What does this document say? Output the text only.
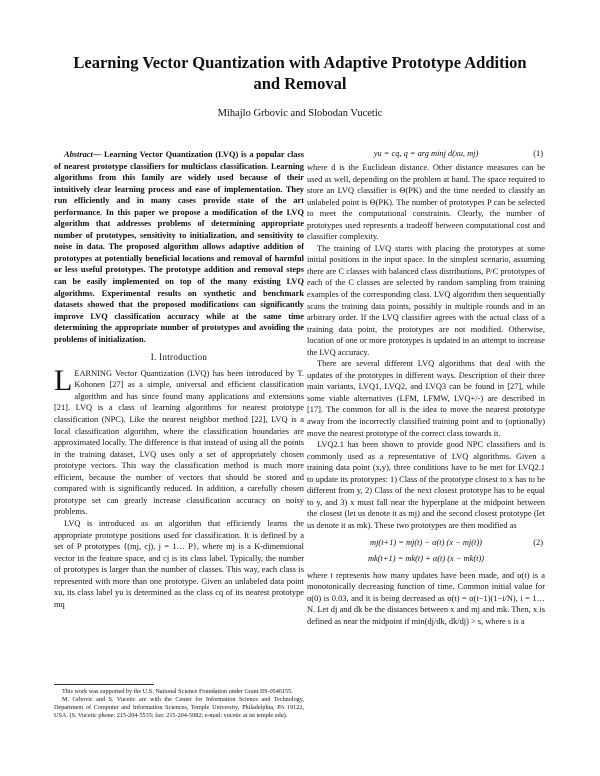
Learning Vector Quantization with Adaptive Prototype Addition and Removal
Mihajlo Grbovic and Slobodan Vucetic

Abstract— Learning Vector Quantization (LVQ) is a popular class of nearest prototype classifiers for multiclass classification. Learning algorithms from this family are widely used because of their intuitively clear learning process and ease of implementation. They run efficiently and in many cases provide state of the art performance. In this paper we propose a modification of the LVQ algorithm that addresses problems of determining appropriate number of prototypes, sensitivity to initialization, and sensitivity to noise in data. The proposed algorithm allows adaptive addition of prototypes at potentially beneficial locations and removal of harmful or less useful prototypes. The prototype addition and removal steps can be easily implemented on top of the many existing LVQ algorithms. Experimental results on synthetic and benchmark datasets showed that the proposed modifications can significantly improve LVQ classification accuracy while at the same time determining the appropriate number of prototypes and avoiding the problems of initialization.

I. Introduction

LEARNING Vector Quantization (LVQ) has been introduced by T. Kohonen [27] as a simple, universal and efficient classification algorithm and has since found many applications and extensions [21]. LVQ is a class of learning algorithms for nearest prototype classification (NPC). Like the nearest neighbor method [22], LVQ is a local classification algorithm, where the classification boundaries are approximated locally. The difference is that instead of using all the points in the training dataset, LVQ uses only a set of appropriately chosen prototype vectors. This way the classification method is much more efficient, because the number of vectors that should be stored and compared with is significantly reduced. In addition, a carefully chosen prototype set can greatly increase classification accuracy on noisy problems.

LVQ is introduced as an algorithm that efficiently learns the appropriate prototype positions used for classification. It is defined by a set of P prototypes {(mj, cj), j = 1… P}, where mj is a K-dimensional vector in the feature space, and cj is its class label. Typically, the number of prototypes is larger than the number of classes. This way, each class is represented with more than one prototype. Given an unlabeled data point xu, its class label yu is determined as the class cq of its nearest prototype mq

This work was supported by the U.S. National Science Foundation under Grant IIS-0546155.

M. Grbovic and S. Vucetic are with the Center for Information Science and Technology, Department of Computer and Information Sciences, Temple University, Philadelphia, PA 19122, USA. (S. Vucetic phone: 215-204-5535; fax: 215-204-5082; e-mail: vucetic at ist temple edu).

yu = cq, q = arg minj d(xu, mj)	(1)

where d is the Euclidean distance. Other distance measures can be used as well, depending on the problem at hand. The space required to store an LVQ classifier is Θ(PK) and the time needed to classify an unlabeled point is Θ(PK). The number of prototypes P can be selected to meet the computational constraints. Clearly, the number of prototypes used represents a tradeoff between computational cost and classifier complexity.

The training of LVQ starts with placing the prototypes at some initial positions in the input space. In the simplest scenario, assuming there are C classes with balanced class distributions, P/C prototypes of each of the C classes are selected by random sampling from training examples of the corresponding class. LVQ algorithm then sequentially scans the training data points, possibly in multiple rounds and in an arbitrary order. If the LVQ classifier agrees with the actual class of a training data point, the prototypes are not modified. Otherwise, location of one or more prototypes is updated in an attempt to increase the LVQ accuracy.

There are several different LVQ algorithms that deal with the updates of the prototypes in different ways. Description of their three main variants, LVQ1, LVQ2, and LVQ3 can be found in [27], while some viable alternatives (LFM, LFMW, LVQ+/-) are described in [17]. The common for all is the idea to move the nearest prototype away from the incorrectly classified training point and to (optionally) move the nearest prototype of the correct class towards it.

LVQ2.1 has been shown to provide good NPC classifiers and is commonly used as a representative of LVQ algorithms. Given a training data point (x,y), three conditions have to be met for LVQ2.1 to update its prototypes: 1) Class of the prototype closest to x has to be different from y, 2) Class of the next closest prototype has to be equal to y, and 3) x must fall near the hyperplane at the midpoint between the closest (let us denote it as mj) and the second closest prototype (let us denote it as mk). These two prototypes are then modified as

mj(t+1) = mj(t) − α(t) (x − mj(t))	(2)
mk(t+1) = mk(t) + α(t) (x − mk(t))

where t represents how many updates have been made, and α(t) is a monotonically decreasing function of time. Common initial value for α(0) is 0.03, and it is being decreased as α(t) = α(t−1)(1−i/N), i = 1… N. Let dj and dk be the distances between x and mj and mk. Then, x is defined as near the midpoint if min(dj/dk, dk/dj) > s, where s is a
